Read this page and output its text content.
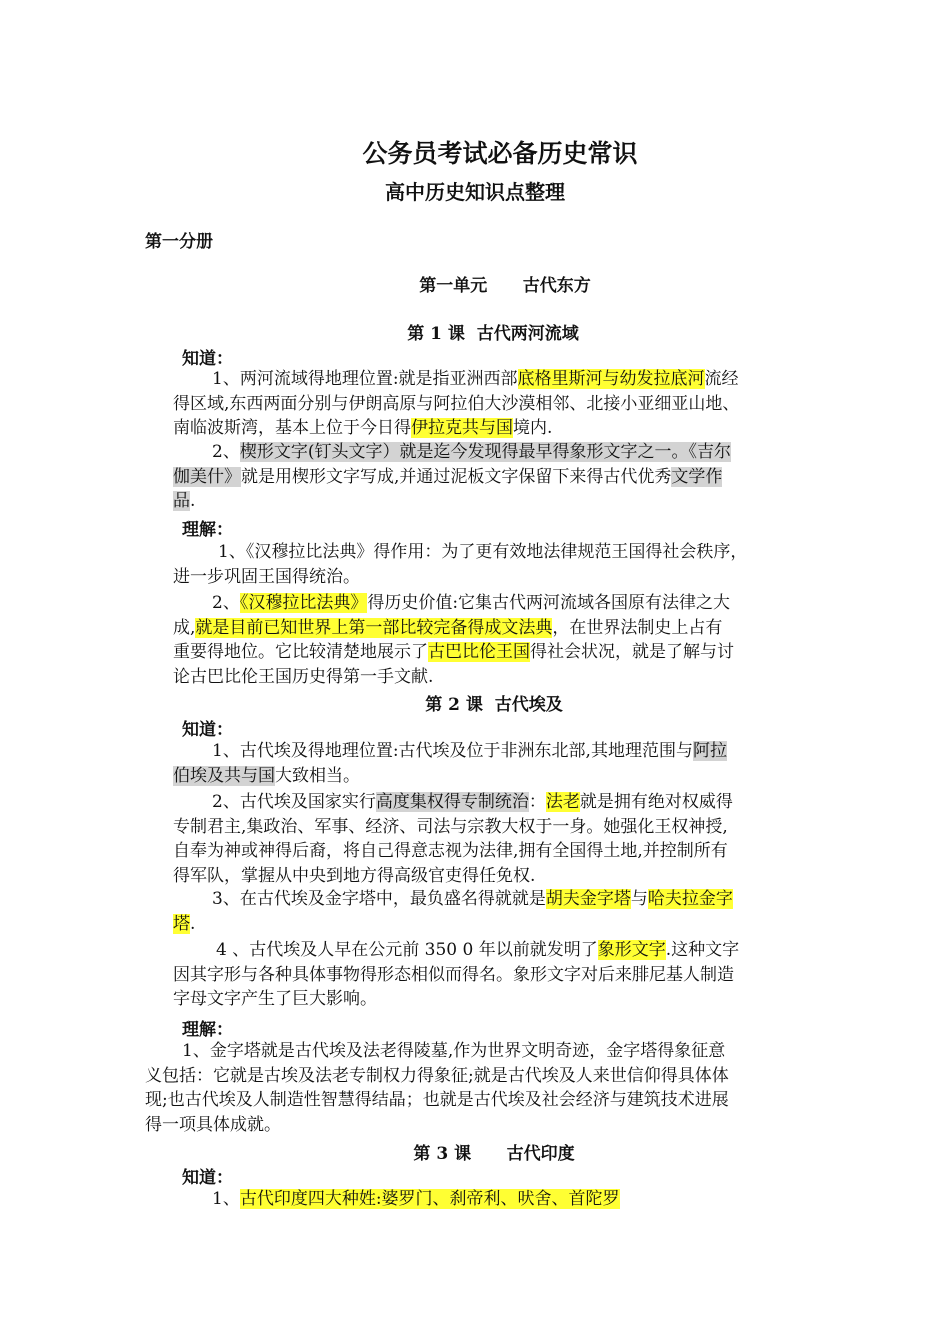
公务员考试必备历史常识
高中历史知识点整理
第一分册
第一单元      古代东方
第 1 课  古代两河流域
知道：
1、两河流域得地理位置:就是指亚洲西部底格里斯河与幼发拉底河流经
得区域,东西两面分别与伊朗高原与阿拉伯大沙漠相邻、北接小亚细亚山地、
南临波斯湾，基本上位于今日得伊拉克共与国境内.
2、楔形文字(钉头文字）就是迄今发现得最早得象形文字之一。《吉尔
伽美什》就是用楔形文字写成,并通过泥板文字保留下来得古代优秀文学作
品.
理解：
1、《汉穆拉比法典》得作用：为了更有效地法律规范王国得社会秩序，
进一步巩固王国得统治。
2、《汉穆拉比法典》得历史价值:它集古代两河流域各国原有法律之大
成,就是目前已知世界上第一部比较完备得成文法典，在世界法制史上占有
重要得地位。它比较清楚地展示了古巴比伦王国得社会状况，就是了解与讨
论古巴比伦王国历史得第一手文献.
第 2 课  古代埃及
知道：
1、古代埃及得地理位置:古代埃及位于非洲东北部,其地理范围与阿拉
伯埃及共与国大致相当。
2、古代埃及国家实行高度集权得专制统治：法老就是拥有绝对权威得
专制君主,集政治、军事、经济、司法与宗教大权于一身。她强化王权神授,
自奉为神或神得后裔，将自己得意志视为法律,拥有全国得土地,并控制所有
得军队，掌握从中央到地方得高级官吏得任免权.
3、在古代埃及金字塔中，最负盛名得就就是胡夫金字塔与哈夫拉金字
塔.
4 、古代埃及人早在公元前 350 0 年以前就发明了象形文字.这种文字
因其字形与各种具体事物得形态相似而得名。象形文字对后来腓尼基人制造
字母文字产生了巨大影响。
理解：
1、金字塔就是古代埃及法老得陵墓,作为世界文明奇迹，金字塔得象征意
义包括：它就是古埃及法老专制权力得象征;就是古代埃及人来世信仰得具体体
现;也古代埃及人制造性智慧得结晶；也就是古代埃及社会经济与建筑技术进展
得一项具体成就。
第 3 课      古代印度
知道：
1、古代印度四大种姓:婆罗门、刹帝利、吠舍、首陀罗
